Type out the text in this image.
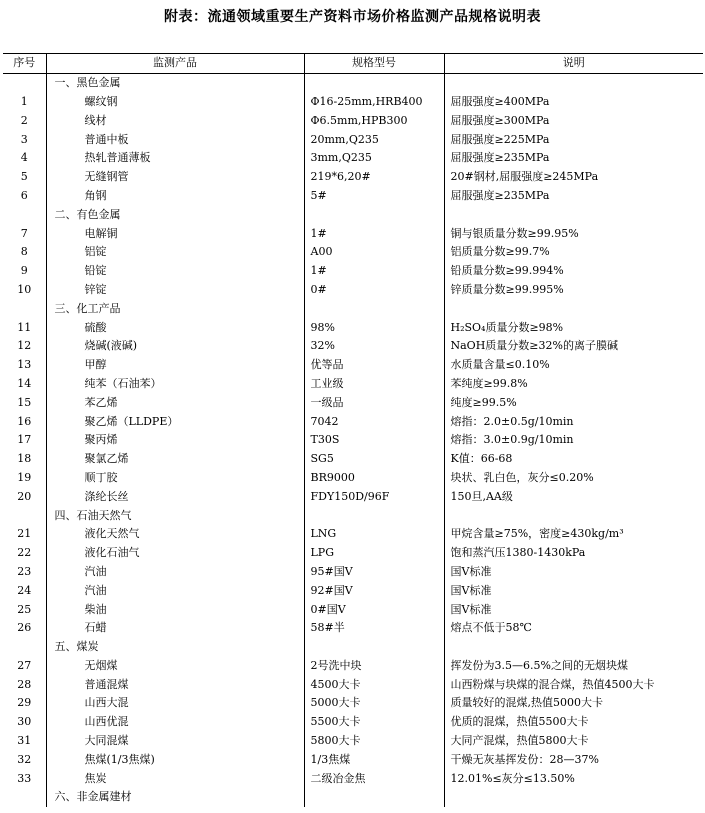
附表：流通领域重要生产资料市场价格监测产品规格说明表
序号	监测产品	规格型号	说明
	一、黑色金属		
1	螺纹钢	Φ16-25mm,HRB400	屈服强度≥400MPa
2	线材	Φ6.5mm,HPB300	屈服强度≥300MPa
3	普通中板	20mm,Q235	屈服强度≥225MPa
4	热轧普通薄板	3mm,Q235	屈服强度≥235MPa
5	无缝钢管	219*6,20#	20#钢材,屈服强度≥245MPa
6	角钢	5#	屈服强度≥235MPa
	二、有色金属		
7	电解铜	1#	铜与银质量分数≥99.95%
8	铝锭	A00	铝质量分数≥99.7%
9	铅锭	1#	铅质量分数≥99.994%
10	锌锭	0#	锌质量分数≥99.995%
	三、化工产品		
11	硫酸	98%	H₂SO₄质量分数≥98%
12	烧碱(液碱)	32%	NaOH质量分数≥32%的离子膜碱
13	甲醇	优等品	水质量含量≤0.10%
14	纯苯（石油苯）	工业级	苯纯度≥99.8%
15	苯乙烯	一级品	纯度≥99.5%
16	聚乙烯（LLDPE）	7042	熔指：2.0±0.5g/10min
17	聚丙烯	T30S	熔指：3.0±0.9g/10min
18	聚氯乙烯	SG5	K值：66-68
19	顺丁胶	BR9000	块状、乳白色，灰分≤0.20%
20	涤纶长丝	FDY150D/96F	150旦,AA级
	四、石油天然气		
21	液化天然气	LNG	甲烷含量≥75%，密度≥430kg/m³
22	液化石油气	LPG	饱和蒸汽压1380-1430kPa
23	汽油	95#国Ⅴ	国Ⅴ标准
24	汽油	92#国Ⅴ	国Ⅴ标准
25	柴油	0#国Ⅴ	国Ⅴ标准
26	石蜡	58#半	熔点不低于58℃
	五、煤炭		
27	无烟煤	2号洗中块	挥发份为3.5—6.5%之间的无烟块煤
28	普通混煤	4500大卡	山西粉煤与块煤的混合煤，热值4500大卡
29	山西大混	5000大卡	质量较好的混煤,热值5000大卡
30	山西优混	5500大卡	优质的混煤，热值5500大卡
31	大同混煤	5800大卡	大同产混煤，热值5800大卡
32	焦煤(1/3焦煤)	1/3焦煤	干燥无灰基挥发份：28—37%
33	焦炭	二级冶金焦	12.01%≤灰分≤13.50%
	六、非金属建材		
